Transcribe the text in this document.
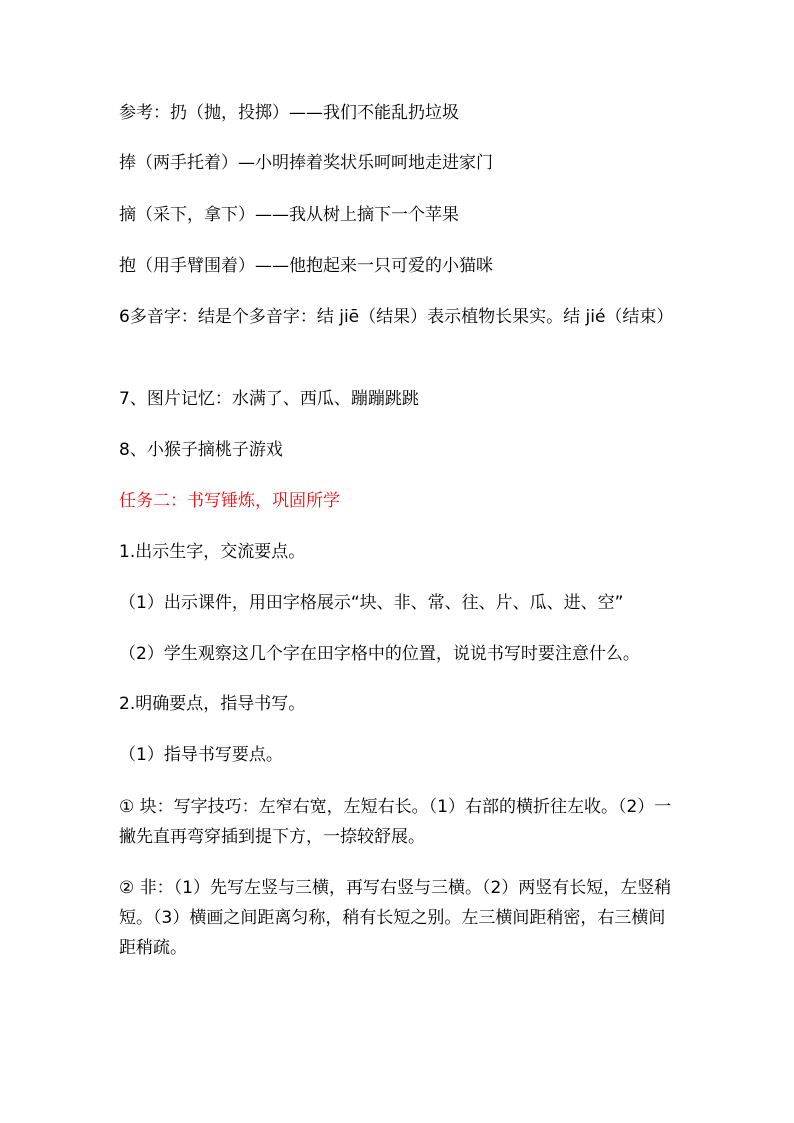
参考：扔（抛，投掷）——我们不能乱扔垃圾
捧（两手托着）—小明捧着奖状乐呵呵地走进家门
摘（采下，拿下）——我从树上摘下一个苹果
抱（用手臂围着）——他抱起来一只可爱的小猫咪
6多音字：结是个多音字：结 jiē（结果）表示植物长果实。结 jié（结束）
7、图片记忆：水满了、西瓜、蹦蹦跳跳
8、小猴子摘桃子游戏
任务二：书写锤炼，巩固所学
1.出示生字，交流要点。
（1）出示课件，用田字格展示“块、非、常、往、片、瓜、进、空”
（2）学生观察这几个字在田字格中的位置，说说书写时要注意什么。
2.明确要点，指导书写。
（1）指导书写要点。
① 块：写字技巧：左窄右宽，左短右长。（1）右部的横折往左收。（2）一撇先直再弯穿插到提下方，一捺较舒展。
② 非：（1）先写左竖与三横，再写右竖与三横。（2）两竖有长短，左竖稍短。（3）横画之间距离匀称，稍有长短之别。左三横间距稍密，右三横间距稍疏。
